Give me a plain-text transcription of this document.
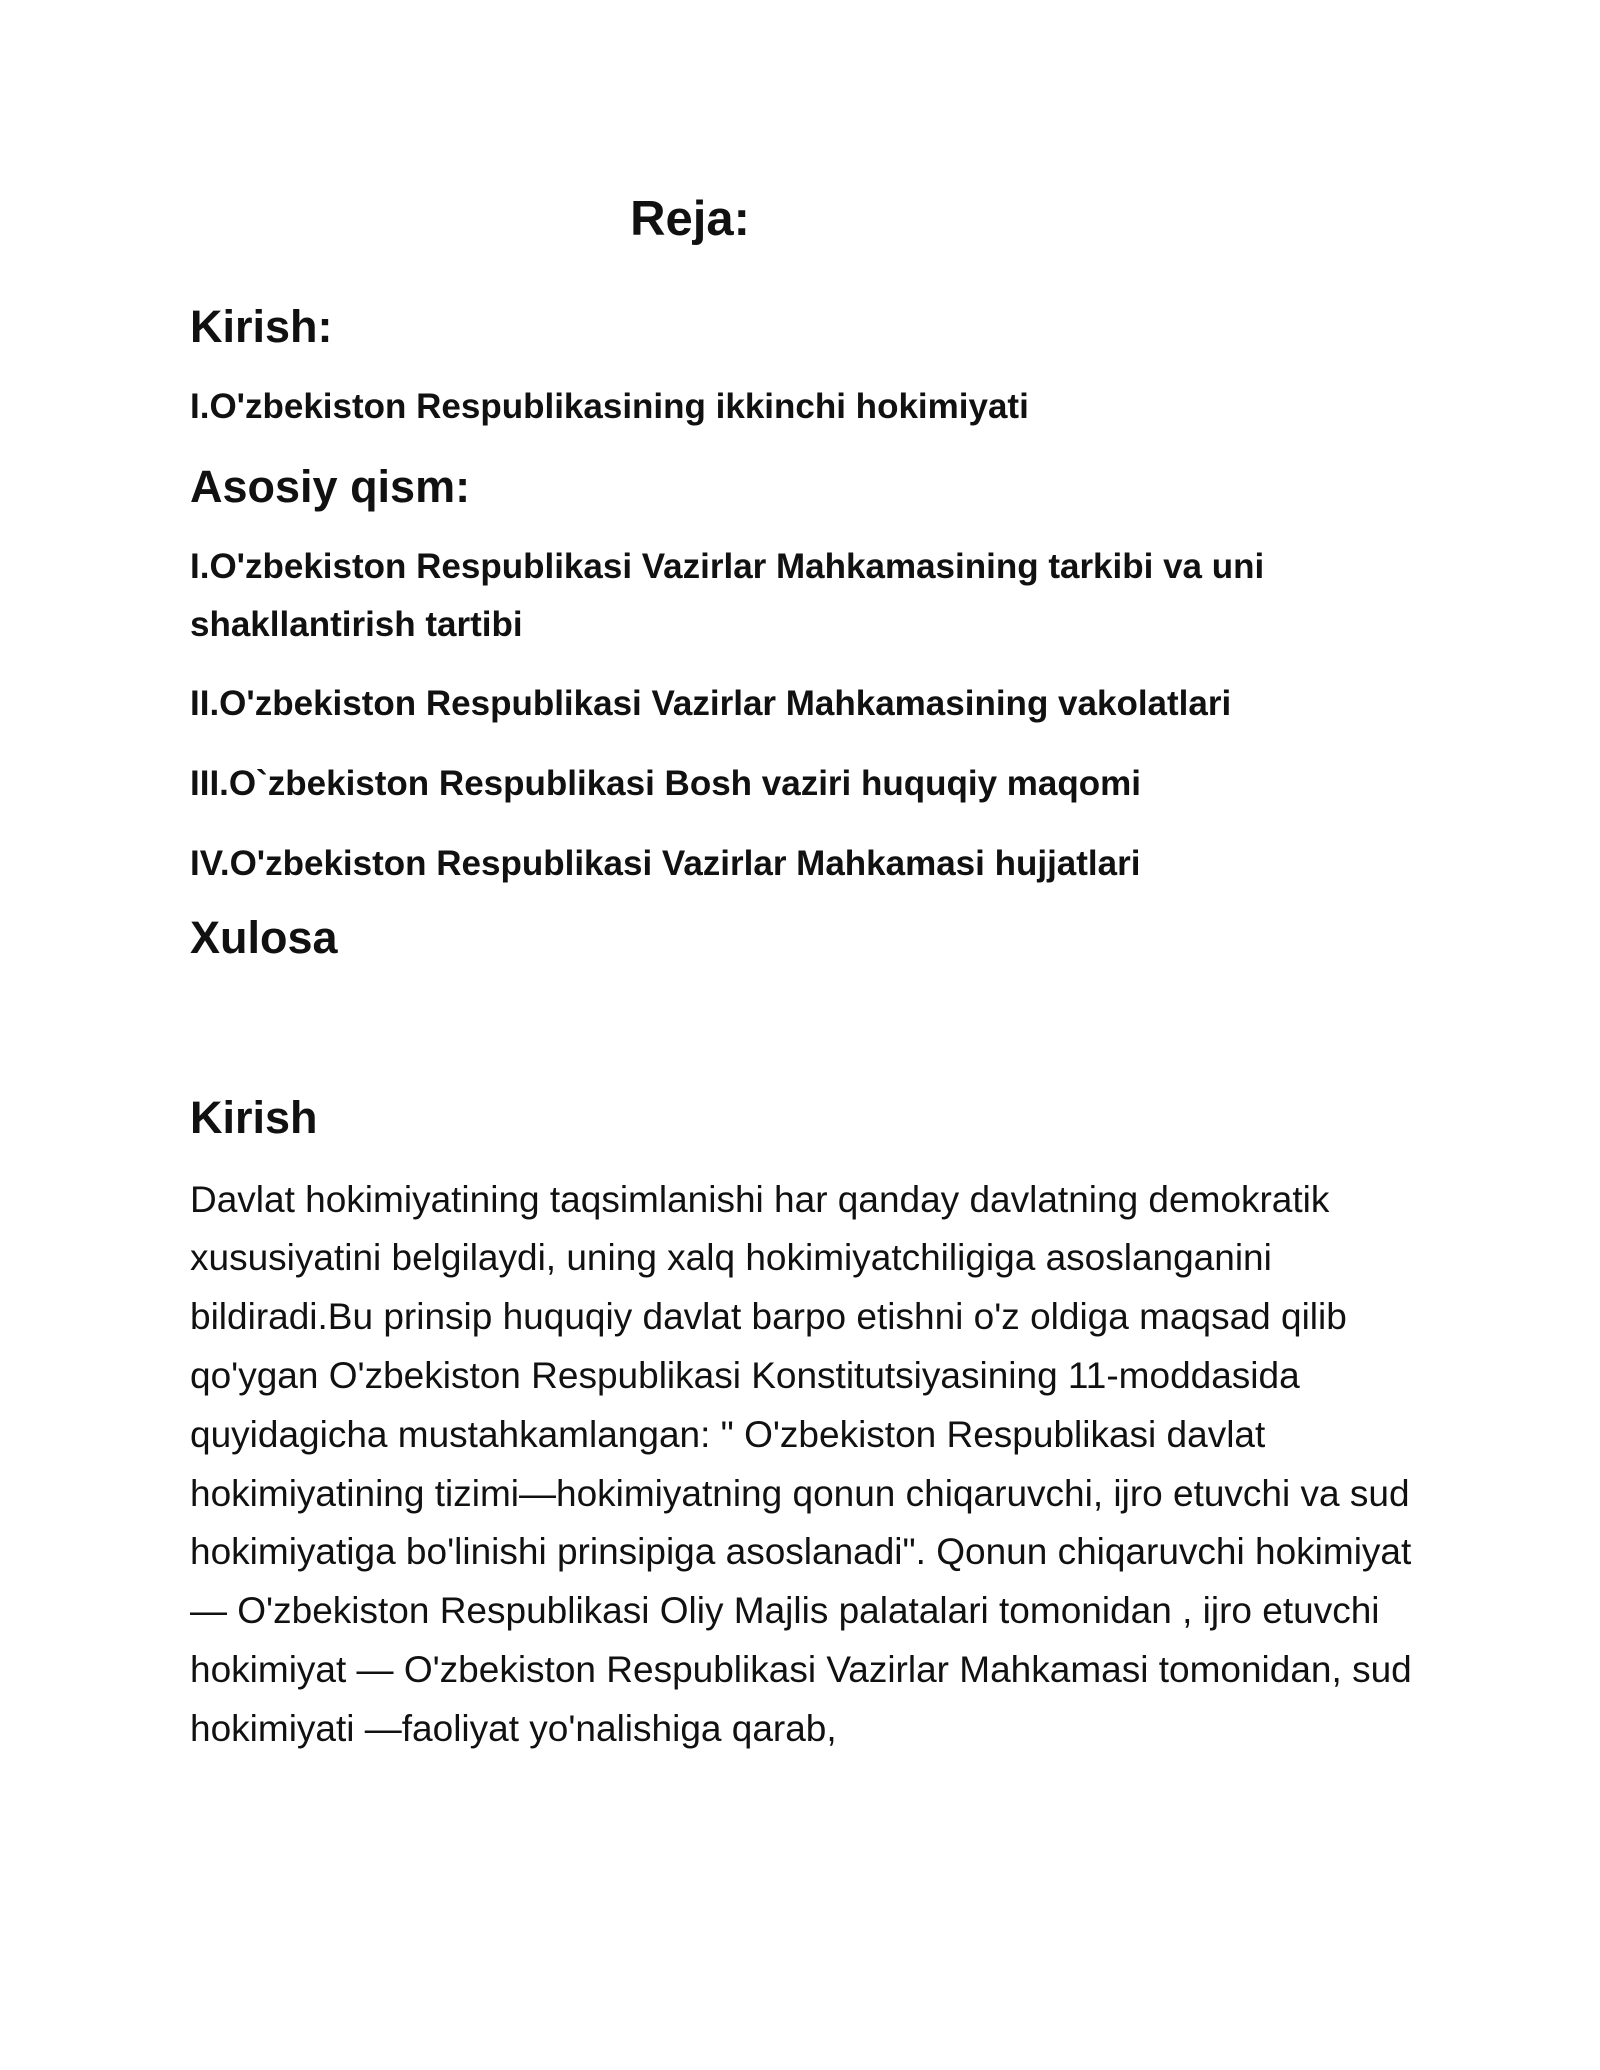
Reja:
Kirish:

I.O'zbekiston Respublikasining ikkinchi hokimiyati

Asosiy qism:

I.O'zbekiston Respublikasi Vazirlar Mahkamasining tarkibi va uni shakllantirish tartibi

II.O'zbekiston Respublikasi Vazirlar Mahkamasining vakolatlari

III.O`zbekiston Respublikasi Bosh vaziri huquqiy maqomi

IV.O'zbekiston Respublikasi Vazirlar Mahkamasi hujjatlari

Xulosa
Kirish

Davlat hokimiyatining taqsimlanishi har qanday davlatning demokratik xususiyatini belgilaydi, uning xalq hokimiyatchiligiga asoslanganini bildiradi.Bu prinsip huquqiy davlat barpo etishni o'z oldiga maqsad qilib qo'ygan O'zbekiston Respublikasi Konstitutsiyasining 11-moddasida quyidagicha mustahkamlangan: " O'zbekiston Respublikasi davlat hokimiyatining tizimi—hokimiyatning qonun chiqaruvchi, ijro etuvchi va sud hokimiyatiga bo'linishi prinsipiga asoslanadi". Qonun chiqaruvchi hokimiyat — O'zbekiston Respublikasi Oliy Majlis palatalari tomonidan , ijro etuvchi hokimiyat — O'zbekiston Respublikasi Vazirlar Mahkamasi tomonidan, sud hokimiyati —faoliyat yo'nalishiga qarab,
